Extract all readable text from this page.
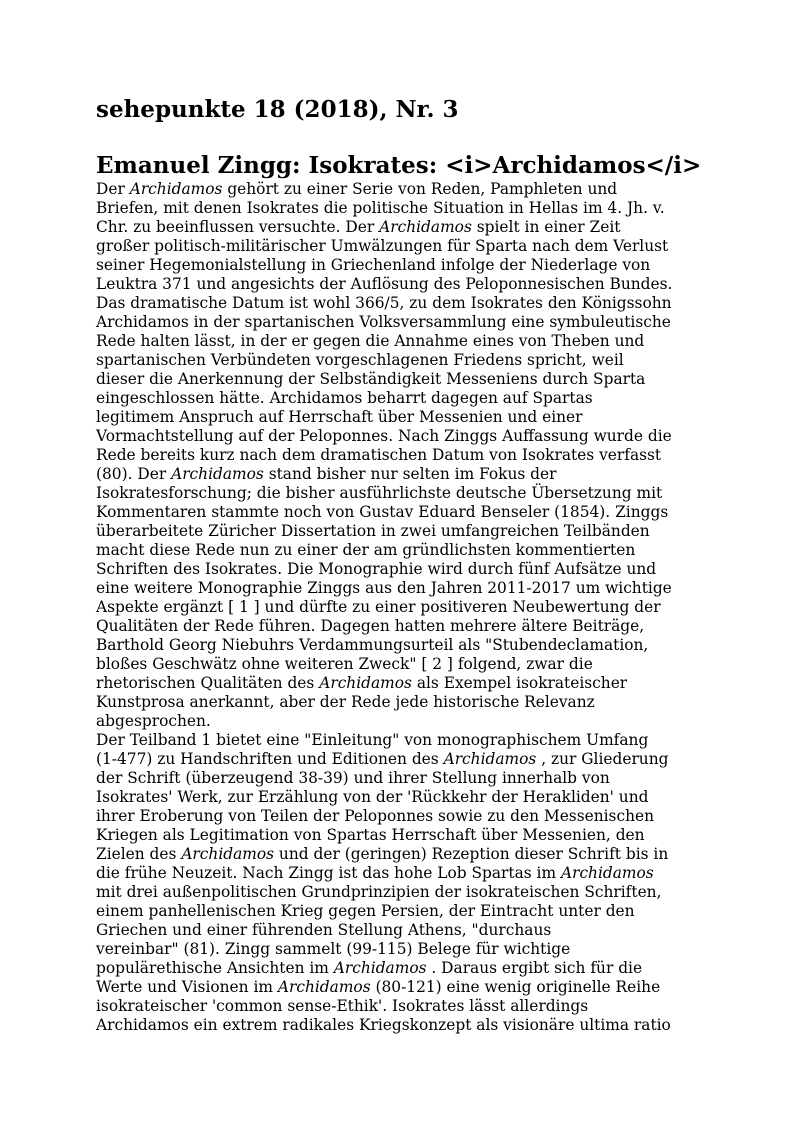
sehepunkte 18 (2018), Nr. 3
Emanuel Zingg: Isokrates: <i>Archidamos</i>

Der Archidamos gehört zu einer Serie von Reden, Pamphleten und
Briefen, mit denen Isokrates die politische Situation in Hellas im 4. Jh. v.
Chr. zu beeinflussen versuchte. Der Archidamos spielt in einer Zeit
großer politisch-militärischer Umwälzungen für Sparta nach dem Verlust
seiner Hegemonialstellung in Griechenland infolge der Niederlage von
Leuktra 371 und angesichts der Auflösung des Peloponnesischen Bundes.
Das dramatische Datum ist wohl 366/5, zu dem Isokrates den Königssohn
Archidamos in der spartanischen Volksversammlung eine symbuleutische
Rede halten lässt, in der er gegen die Annahme eines von Theben und
spartanischen Verbündeten vorgeschlagenen Friedens spricht, weil
dieser die Anerkennung der Selbständigkeit Messeniens durch Sparta
eingeschlossen hätte. Archidamos beharrt dagegen auf Spartas
legitimem Anspruch auf Herrschaft über Messenien und einer
Vormachtstellung auf der Peloponnes. Nach Zinggs Auffassung wurde die
Rede bereits kurz nach dem dramatischen Datum von Isokrates verfasst
(80). Der Archidamos stand bisher nur selten im Fokus der
Isokratesforschung; die bisher ausführlichste deutsche Übersetzung mit
Kommentaren stammte noch von Gustav Eduard Benseler (1854). Zinggs
überarbeitete Züricher Dissertation in zwei umfangreichen Teilbänden
macht diese Rede nun zu einer der am gründlichsten kommentierten
Schriften des Isokrates. Die Monographie wird durch fünf Aufsätze und
eine weitere Monographie Zinggs aus den Jahren 2011-2017 um wichtige
Aspekte ergänzt [ 1 ] und dürfte zu einer positiveren Neubewertung der
Qualitäten der Rede führen. Dagegen hatten mehrere ältere Beiträge,
Barthold Georg Niebuhrs Verdammungsurteil als "Stubendeclamation,
bloßes Geschwätz ohne weiteren Zweck" [ 2 ] folgend, zwar die
rhetorischen Qualitäten des Archidamos als Exempel isokrateischer
Kunstprosa anerkannt, aber der Rede jede historische Relevanz
abgesprochen.

Der Teilband 1 bietet eine "Einleitung" von monographischem Umfang
(1-477) zu Handschriften und Editionen des Archidamos , zur Gliederung
der Schrift (überzeugend 38-39) und ihrer Stellung innerhalb von
Isokrates' Werk, zur Erzählung von der 'Rückkehr der Herakliden' und
ihrer Eroberung von Teilen der Peloponnes sowie zu den Messenischen
Kriegen als Legitimation von Spartas Herrschaft über Messenien, den
Zielen des Archidamos und der (geringen) Rezeption dieser Schrift bis in
die frühe Neuzeit. Nach Zingg ist das hohe Lob Spartas im Archidamos
mit drei außenpolitischen Grundprinzipien der isokrateischen Schriften,
einem panhellenischen Krieg gegen Persien, der Eintracht unter den
Griechen und einer führenden Stellung Athens, "durchaus
vereinbar" (81). Zingg sammelt (99-115) Belege für wichtige
populärethische Ansichten im Archidamos . Daraus ergibt sich für die
Werte und Visionen im Archidamos (80-121) eine wenig originelle Reihe
isokrateischer 'common sense-Ethik'. Isokrates lässt allerdings
Archidamos ein extrem radikales Kriegskonzept als visionäre ultima ratio
